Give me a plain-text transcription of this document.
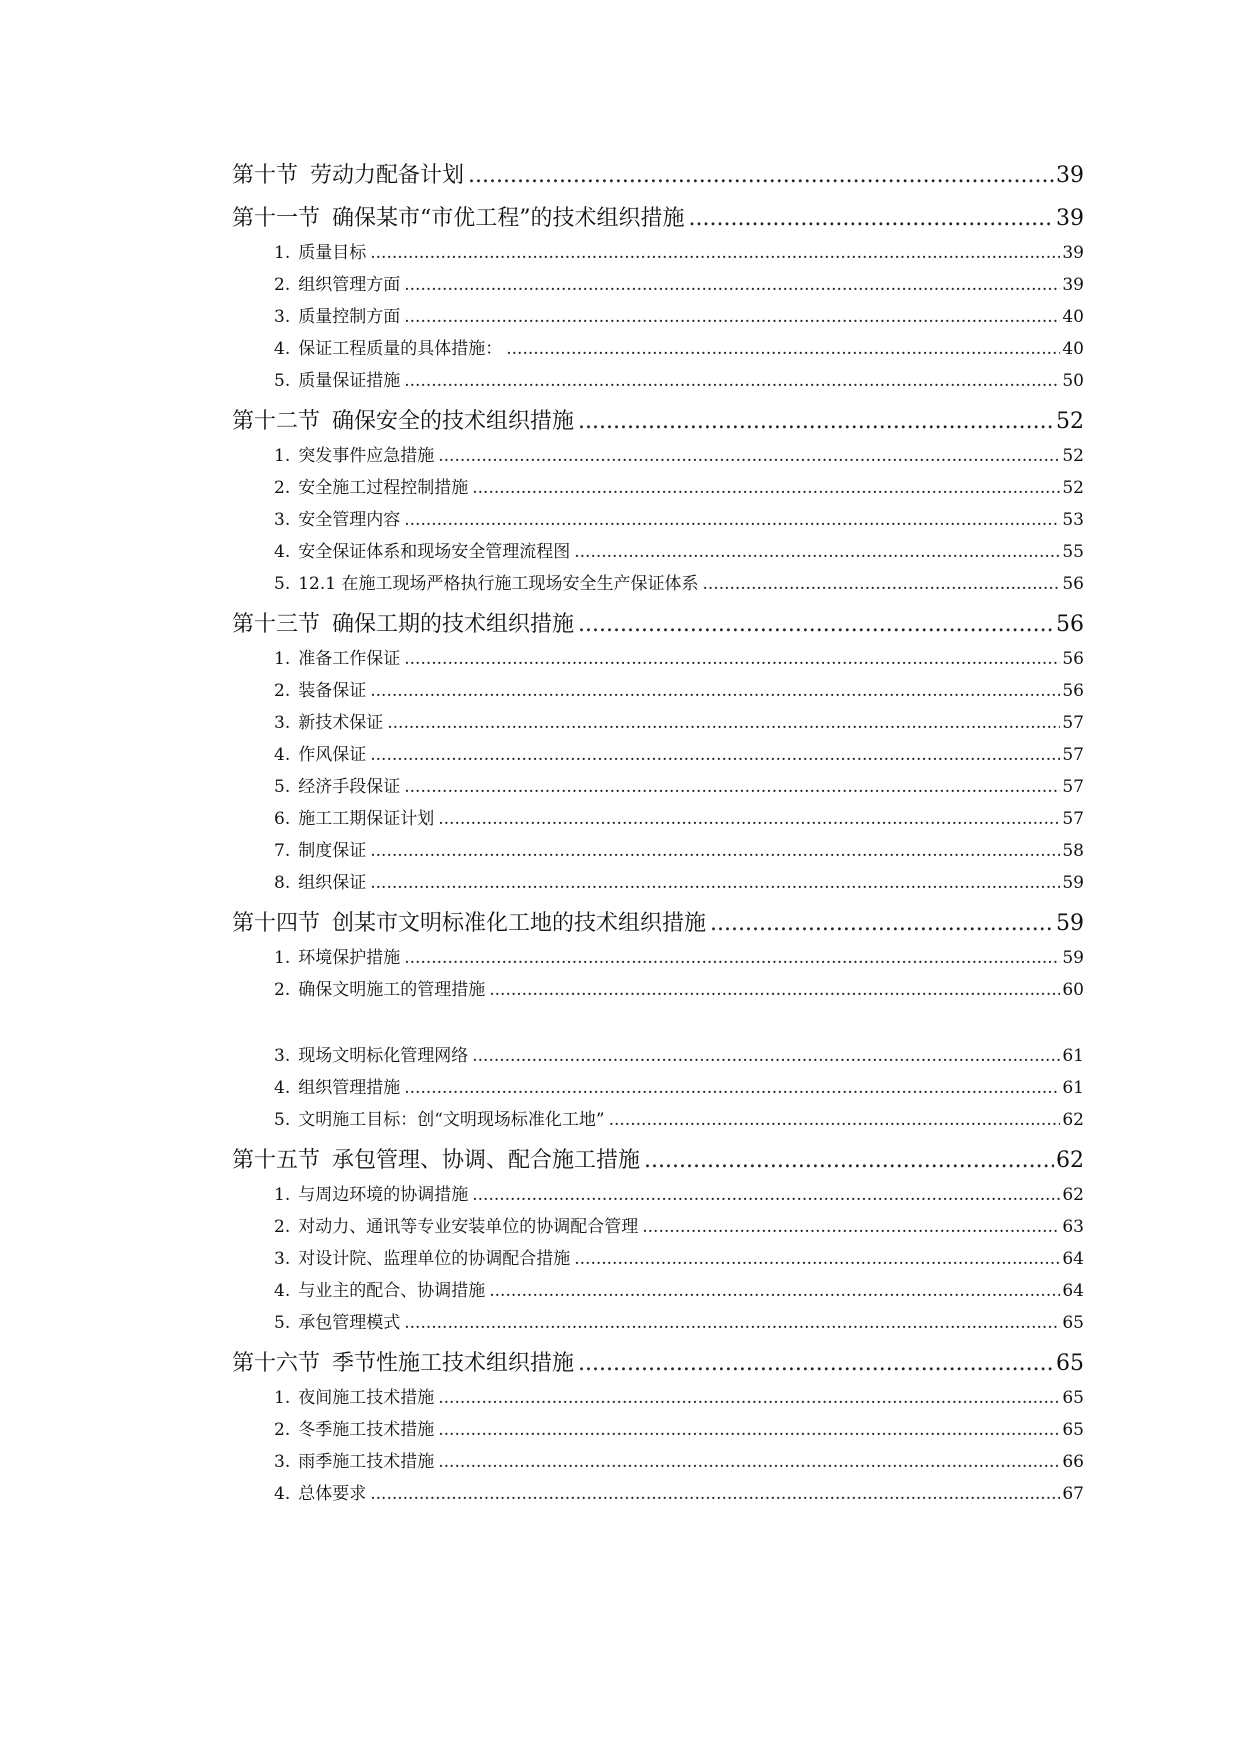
第十节 劳动力配备计划 .....	39
第十一节 确保某市“市优工程”的技术组织措施 .....	39
1. 质量目标 .....	39
2. 组织管理方面 .....	39
3. 质量控制方面 .....	40
4. 保证工程质量的具体措施： .....	40
5. 质量保证措施 .....	50
第十二节 确保安全的技术组织措施 .....	52
1. 突发事件应急措施 .....	52
2. 安全施工过程控制措施 .....	52
3. 安全管理内容 .....	53
4. 安全保证体系和现场安全管理流程图 .....	55
5. 12.1 在施工现场严格执行施工现场安全生产保证体系 .....	56
第十三节 确保工期的技术组织措施 .....	56
1. 准备工作保证 .....	56
2. 装备保证 .....	56
3. 新技术保证 .....	57
4. 作风保证 .....	57
5. 经济手段保证 .....	57
6. 施工工期保证计划 .....	57
7. 制度保证 .....	58
8. 组织保证 .....	59
第十四节 创某市文明标准化工地的技术组织措施 .....	59
1. 环境保护措施 .....	59
2. 确保文明施工的管理措施 .....	60
3. 现场文明标化管理网络 .....	61
4. 组织管理措施 .....	61
5. 文明施工目标：创“文明现场标准化工地” .....	62
第十五节 承包管理、协调、配合施工措施 .....	62
1. 与周边环境的协调措施 .....	62
2. 对动力、通讯等专业安装单位的协调配合管理 .....	63
3. 对设计院、监理单位的协调配合措施 .....	64
4. 与业主的配合、协调措施 .....	64
5. 承包管理模式 .....	65
第十六节 季节性施工技术组织措施 .....	65
1. 夜间施工技术措施 .....	65
2. 冬季施工技术措施 .....	65
3. 雨季施工技术措施 .....	66
4. 总体要求 .....	67
